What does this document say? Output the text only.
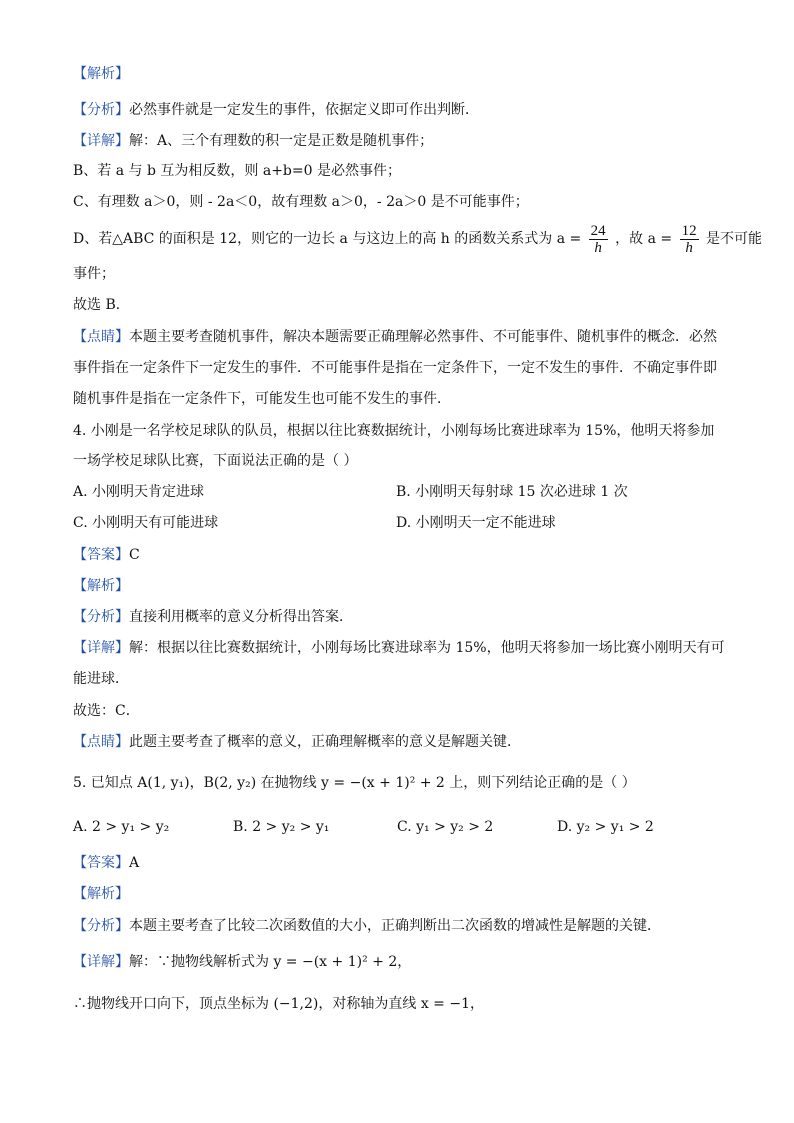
【解析】
【分析】必然事件就是一定发生的事件，依据定义即可作出判断．
【详解】解：A、三个有理数的积一定是正数是随机事件；
B、若 a 与 b 互为相反数，则 a+b=0 是必然事件；
C、有理数 a＞0，则 - 2a＜0，故有理数 a＞0，- 2a＞0 是不可能事件；
D、若△ABC 的面积是 12，则它的一边长 a 与这边上的高 h 的函数关系式为 $a = \frac{24}{h}$ ，故 $a = \frac{12}{h}$ 是不可能
事件；
故选 B．
【点睛】本题主要考查随机事件，解决本题需要正确理解必然事件、不可能事件、随机事件的概念．必然
事件指在一定条件下一定发生的事件．不可能事件是指在一定条件下，一定不发生的事件．不确定事件即
随机事件是指在一定条件下，可能发生也可能不发生的事件．
4. 小刚是一名学校足球队的队员，根据以往比赛数据统计，小刚每场比赛进球率为 15%，他明天将参加
一场学校足球队比赛，下面说法正确的是（ ）
A. 小刚明天肯定进球	B. 小刚明天每射球 15 次必进球 1 次
C. 小刚明天有可能进球	D. 小刚明天一定不能进球
【答案】C
【解析】
【分析】直接利用概率的意义分析得出答案．
【详解】解：根据以往比赛数据统计，小刚每场比赛进球率为 15%，他明天将参加一场比赛小刚明天有可
能进球．
故选：C．
【点睛】此题主要考查了概率的意义，正确理解概率的意义是解题关键．
5. 已知点 A(1, y₁)，B(2, y₂) 在抛物线 y = −(x + 1)² + 2 上，则下列结论正确的是（ ）
A. 2 > y₁ > y₂	B. 2 > y₂ > y₁	C. y₁ > y₂ > 2	D. y₂ > y₁ > 2
【答案】A
【解析】
【分析】本题主要考查了比较二次函数值的大小，正确判断出二次函数的增减性是解题的关键．
【详解】解：∵抛物线解析式为 y = −(x + 1)² + 2，
∴抛物线开口向下，顶点坐标为 (−1,2)，对称轴为直线 x = −1，
